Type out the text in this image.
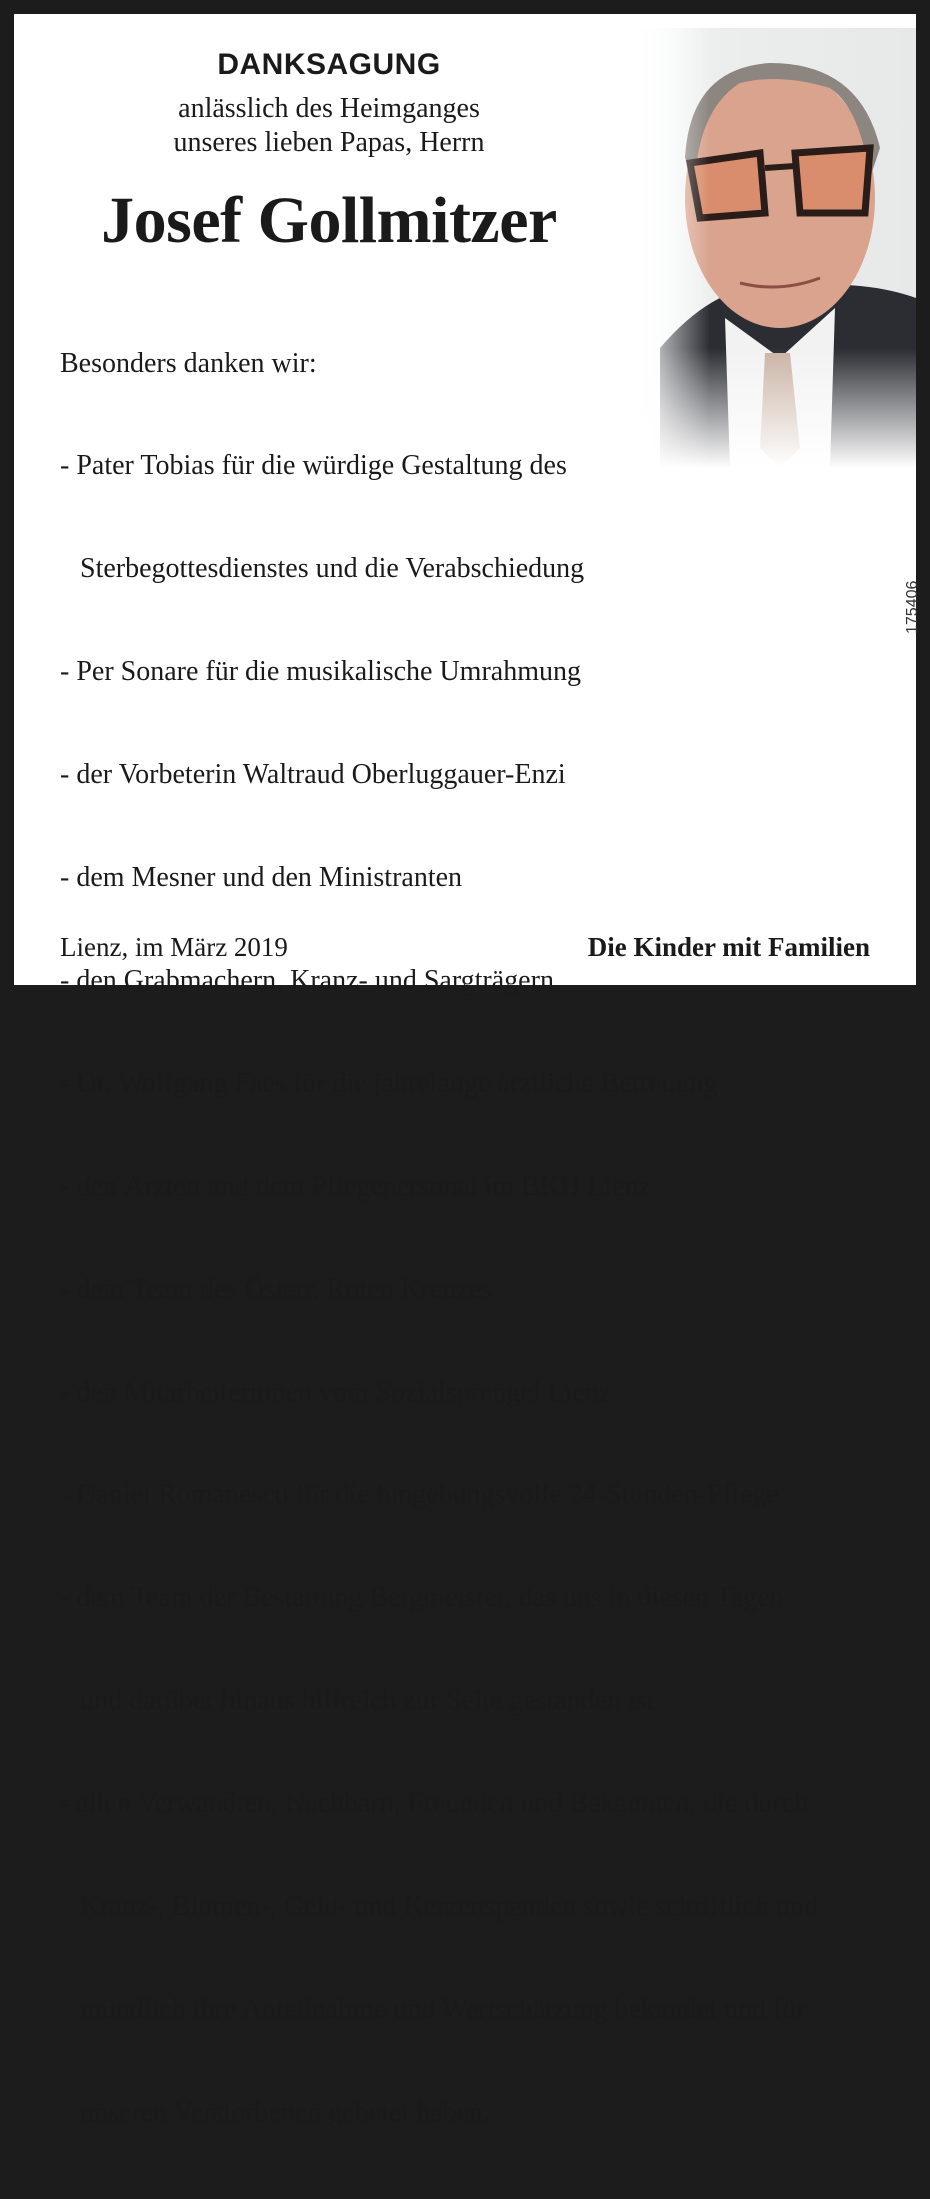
DANKSAGUNG
anlässlich des Heimganges
unseres lieben Papas, Herrn
Josef Gollmitzer

Besonders danken wir:

- Pater Tobias für die würdige Gestaltung des

Sterbegottesdienstes und die Verabschiedung

- Per Sonare für die musikalische Umrahmung

- der Vorbeterin Waltraud Oberluggauer-Enzi

- dem Mesner und den Ministranten

- den Grabmachern, Kranz- und Sargträgern

- Dr. Wolfgang Faes für die jahrelange ärztliche Betreuung

- den Ärzten und dem Pflegepersonal im BKH Lienz

- dem Team des Österr. Roten Kreuzes

- den Mitarbeiterinnen vom Sozialsprengel Lienz

- Daniel Romanescu für die hingebungsvolle 24-Stunden-Pflege

- dem Team der Bestattung Bergmeister, das uns in diesen Tagen

und darüber hinaus hilfreich zur Seite gestanden ist

- allen Verwandten, Nachbarn, Freunden und Bekannten, die durch

Kranz-, Blumen-, Geld- und Kerzenspenden sowie schriftlich und

mündlich ihre Anteilnahme und Wertschätzung bekundet und für

unseren Verstorbenen gebetet haben.

Lienz, im März 2019	Die Kinder mit Familien
175406
